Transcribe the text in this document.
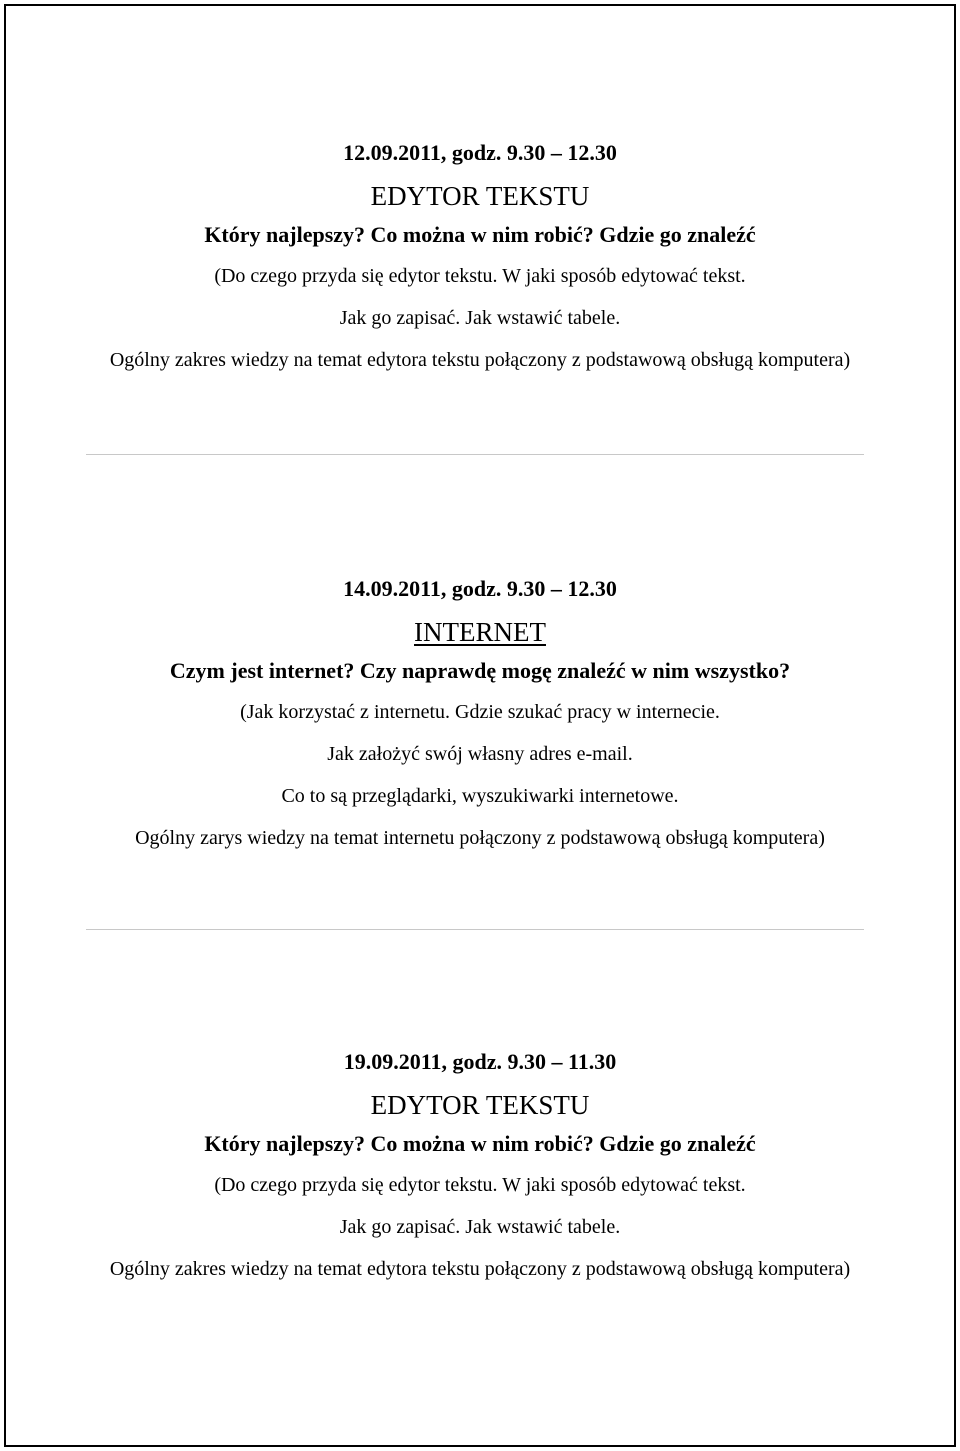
12.09.2011, godz. 9.30 – 12.30
EDYTOR TEKSTU
Który najlepszy? Co można w nim robić? Gdzie go znaleźć
(Do czego przyda się edytor tekstu. W jaki sposób edytować tekst.
Jak go zapisać. Jak wstawić tabele.
Ogólny zakres wiedzy na temat edytora tekstu połączony z podstawową obsługą komputera)
14.09.2011, godz. 9.30 – 12.30
INTERNET
Czym jest internet? Czy naprawdę mogę znaleźć w nim wszystko?
(Jak korzystać z internetu. Gdzie szukać pracy w internecie.
Jak założyć swój własny adres e-mail.
Co to są przeglądarki, wyszukiwarki internetowe.
Ogólny zarys wiedzy na temat internetu połączony z podstawową obsługą komputera)
19.09.2011, godz. 9.30 – 11.30
EDYTOR TEKSTU
Który najlepszy? Co można w nim robić? Gdzie go znaleźć
(Do czego przyda się edytor tekstu. W jaki sposób edytować tekst.
Jak go zapisać. Jak wstawić tabele.
Ogólny zakres wiedzy na temat edytora tekstu połączony z podstawową obsługą komputera)
